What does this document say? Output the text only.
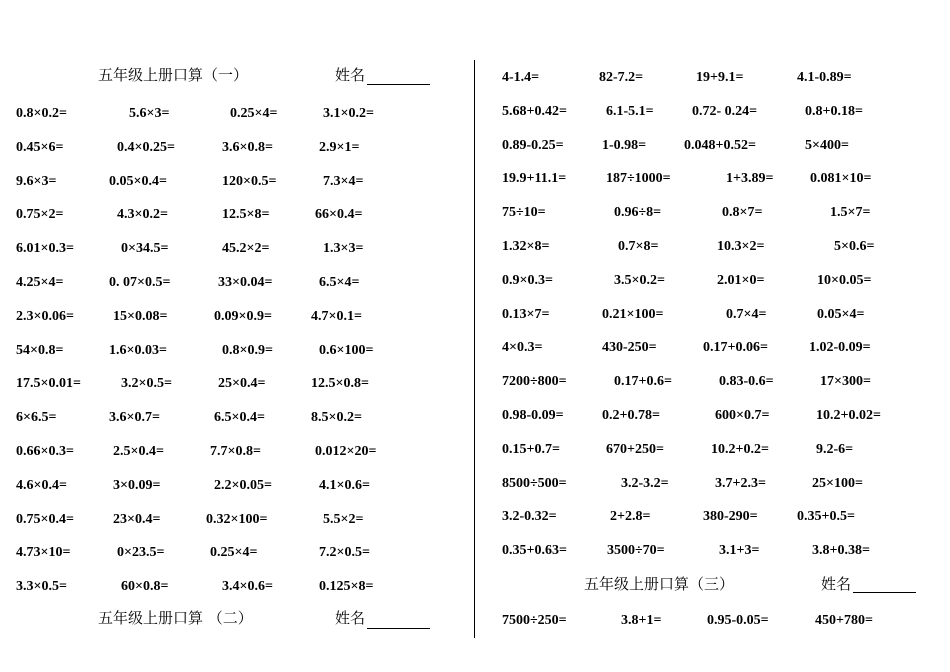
五年级上册口算（一）	姓名
0.8×0.2=	5.6×3=	0.25×4=	3.1×0.2=
0.45×6=	0.4×0.25=	3.6×0.8=	2.9×1=
9.6×3=	0.05×0.4=	120×0.5=	7.3×4=
0.75×2=	4.3×0.2=	12.5×8=	66×0.4=
6.01×0.3=	0×34.5=	45.2×2=	1.3×3=
4.25×4=	0. 07×0.5=	33×0.04=	6.5×4=
2.3×0.06=	15×0.08=	0.09×0.9=	4.7×0.1=
54×0.8=	1.6×0.03=	0.8×0.9=	0.6×100=
17.5×0.01=	3.2×0.5=	25×0.4=	12.5×0.8=
6×6.5=	3.6×0.7=	6.5×0.4=	8.5×0.2=
0.66×0.3=	2.5×0.4=	7.7×0.8=	0.012×20=
4.6×0.4=	3×0.09=	2.2×0.05=	4.1×0.6=
0.75×0.4=	23×0.4=	0.32×100=	5.5×2=
4.73×10=	0×23.5=	0.25×4=	7.2×0.5=
3.3×0.5=	60×0.8=	3.4×0.6=	0.125×8=
五年级上册口算 （二）	姓名
4-1.4=	82-7.2=	19+9.1=	4.1-0.89=
5.68+0.42=	6.1-5.1=	0.72- 0.24=	0.8+0.18=
0.89-0.25=	1-0.98=	0.048+0.52=	5×400=
19.9+11.1=	187÷1000=	1+3.89=	0.081×10=
75÷10=	0.96÷8=	0.8×7=	1.5×7=
1.32×8=	0.7×8=	10.3×2=	5×0.6=
0.9×0.3=	3.5×0.2=	2.01×0=	10×0.05=
0.13×7=	0.21×100=	0.7×4=	0.05×4=
4×0.3=	430-250=	0.17+0.06=	1.02-0.09=
7200÷800=	0.17+0.6=	0.83-0.6=	17×300=
0.98-0.09=	0.2+0.78=	600×0.7=	10.2+0.02=
0.15+0.7=	670+250=	10.2+0.2=	9.2-6=
8500÷500=	3.2-3.2=	3.7+2.3=	25×100=
3.2-0.32=	2+2.8=	380-290=	0.35+0.5=
0.35+0.63=	3500÷70=	3.1+3=	3.8+0.38=
五年级上册口算（三）	姓名
7500÷250=	3.8+1=	0.95-0.05=	450+780=
